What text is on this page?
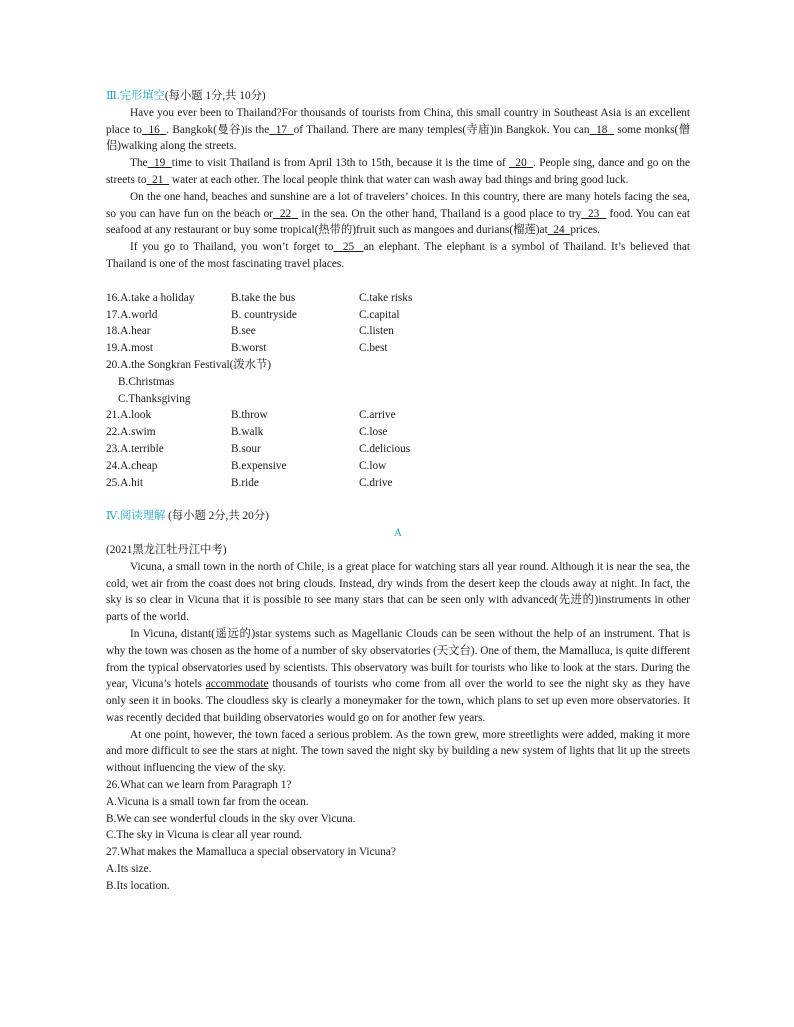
Ⅲ.完形填空(每小题 1分,共 10分)

Have you ever been to Thailand?For thousands of tourists from China, this small country in Southeast Asia is an excellent place to 16 . Bangkok(曼谷)is the 17 of Thailand. There are many temples(寺庙)in Bangkok. You can 18   some monks(僧侣)walking along the streets.

The 19 time to visit Thailand is from April 13th to 15th, because it is the time of   20 . People sing, dance and go on the streets to 21   water at each other. The local people think that water can wash away bad things and bring good luck.

On the one hand, beaches and sunshine are a lot of travelers’ choices. In this country, there are many hotels facing the sea, so you can have fun on the beach or 22   in the sea. On the other hand, Thailand is a good place to try 23   food. You can eat seafood at any restaurant or buy some tropical(热带的)fruit such as mangoes and durians(榴莲)at 24 prices.

If you go to Thailand, you won’t forget to 25 an elephant. The elephant is a symbol of Thailand. It’s believed that Thailand is one of the most fascinating travel places.

16.A.take a holiday	B.take the bus	C.take risks
17.A.world	B. countryside	C.capital
18.A.hear	B.see	C.listen
19.A.most	B.worst	C.best
20.A.the Songkran Festival(泼水节)
B.Christmas
C.Thanksgiving
21.A.look	B.throw	C.arrive
22.A.swim	B.walk	C.lose
23.A.terrible	B.sour	C.delicious
24.A.cheap	B.expensive	C.low
25.A.hit	B.ride	C.drive
Ⅳ.阅读理解 (每小题 2分,共 20分)
A
(2021黑龙江牡丹江中考)

Vicuna, a small town in the north of Chile, is a great place for watching stars all year round. Although it is near the sea, the cold, wet air from the coast does not bring clouds. Instead, dry winds from the desert keep the clouds away at night. In fact, the sky is so clear in Vicuna that it is possible to see many stars that can be seen only with advanced(先进的)instruments in other parts of the world.

In Vicuna, distant(遥远的)star systems such as Magellanic Clouds can be seen without the help of an instrument. That is why the town was chosen as the home of a number of sky observatories (天文台). One of them, the Mamalluca, is quite different from the typical observatories used by scientists. This observatory was built for tourists who like to look at the stars. During the year, Vicuna’s hotels accommodate thousands of tourists who come from all over the world to see the night sky as they have only seen it in books. The cloudless sky is clearly a moneymaker for the town, which plans to set up even more observatories. It was recently decided that building observatories would go on for another few years.

At one point, however, the town faced a serious problem. As the town grew, more streetlights were added, making it more and more difficult to see the stars at night. The town saved the night sky by building a new system of lights that lit up the streets without influencing the view of the sky.

26.What can we learn from Paragraph 1?
A.Vicuna is a small town far from the ocean.
B.We can see wonderful clouds in the sky over Vicuna.
C.The sky in Vicuna is clear all year round.
27.What makes the Mamalluca a special observatory in Vicuna?
A.Its size.
B.Its location.
